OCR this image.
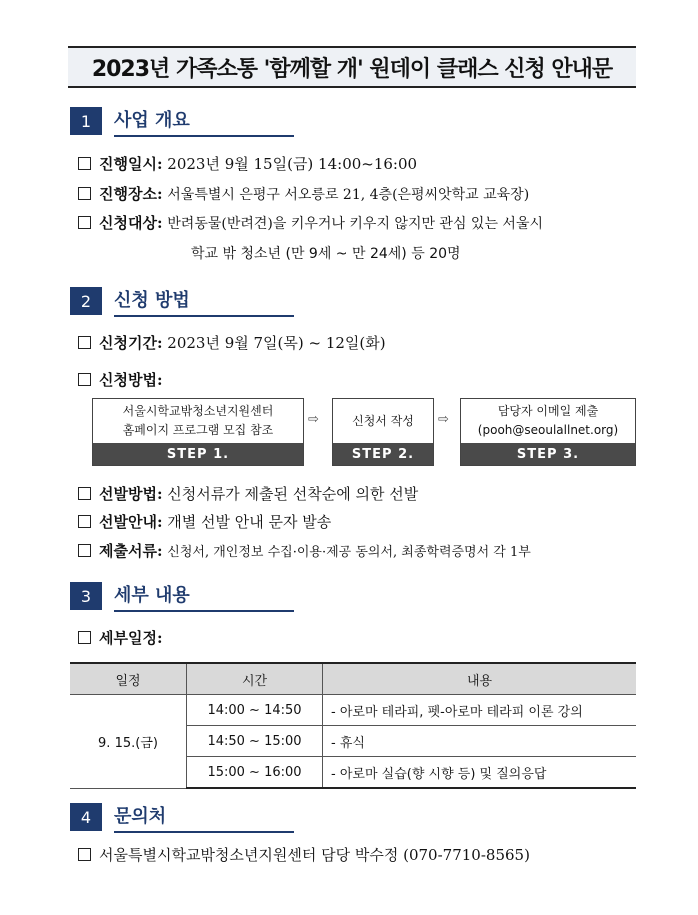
2023년 가족소통 '함께할 개' 원데이 클래스 신청 안내문
1	사업 개요
진행일시: 2023년 9월 15일(금) 14:00~16:00
진행장소: 서울특별시 은평구 서오릉로 21, 4층(은평씨앗학교 교육장)
신청대상: 반려동물(반려견)을 키우거나 키우지 않지만 관심 있는 서울시
학교 밖 청소년 (만 9세 ~ 만 24세) 등 20명
2	신청 방법
신청기간: 2023년 9월 7일(목) ~ 12일(화)
신청방법:
서울시학교밖청소년지원센터
홈페이지 프로그램 모집 참조
STEP 1.
⇨	신청서 작성
STEP 2.
⇨
담당자 이메일 제출
(pooh@seoulallnet.org)
STEP 3.
선발방법: 신청서류가 제출된 선착순에 의한 선발
선발안내: 개별 선발 안내 문자 발송
제출서류: 신청서, 개인정보 수집·이용·제공 동의서, 최종학력증명서 각 1부
3	세부 내용
세부일정:
일정	시간	내용
9. 15.(금)	14:00 ~ 14:50	- 아로마 테라피, 펫-아로마 테라피 이론 강의
	14:50 ~ 15:00	- 휴식
	15:00 ~ 16:00	- 아로마 실습(향 시향 등) 및 질의응답
4	문의처
서울특별시학교밖청소년지원센터 담당 박수정 (070-7710-8565)
